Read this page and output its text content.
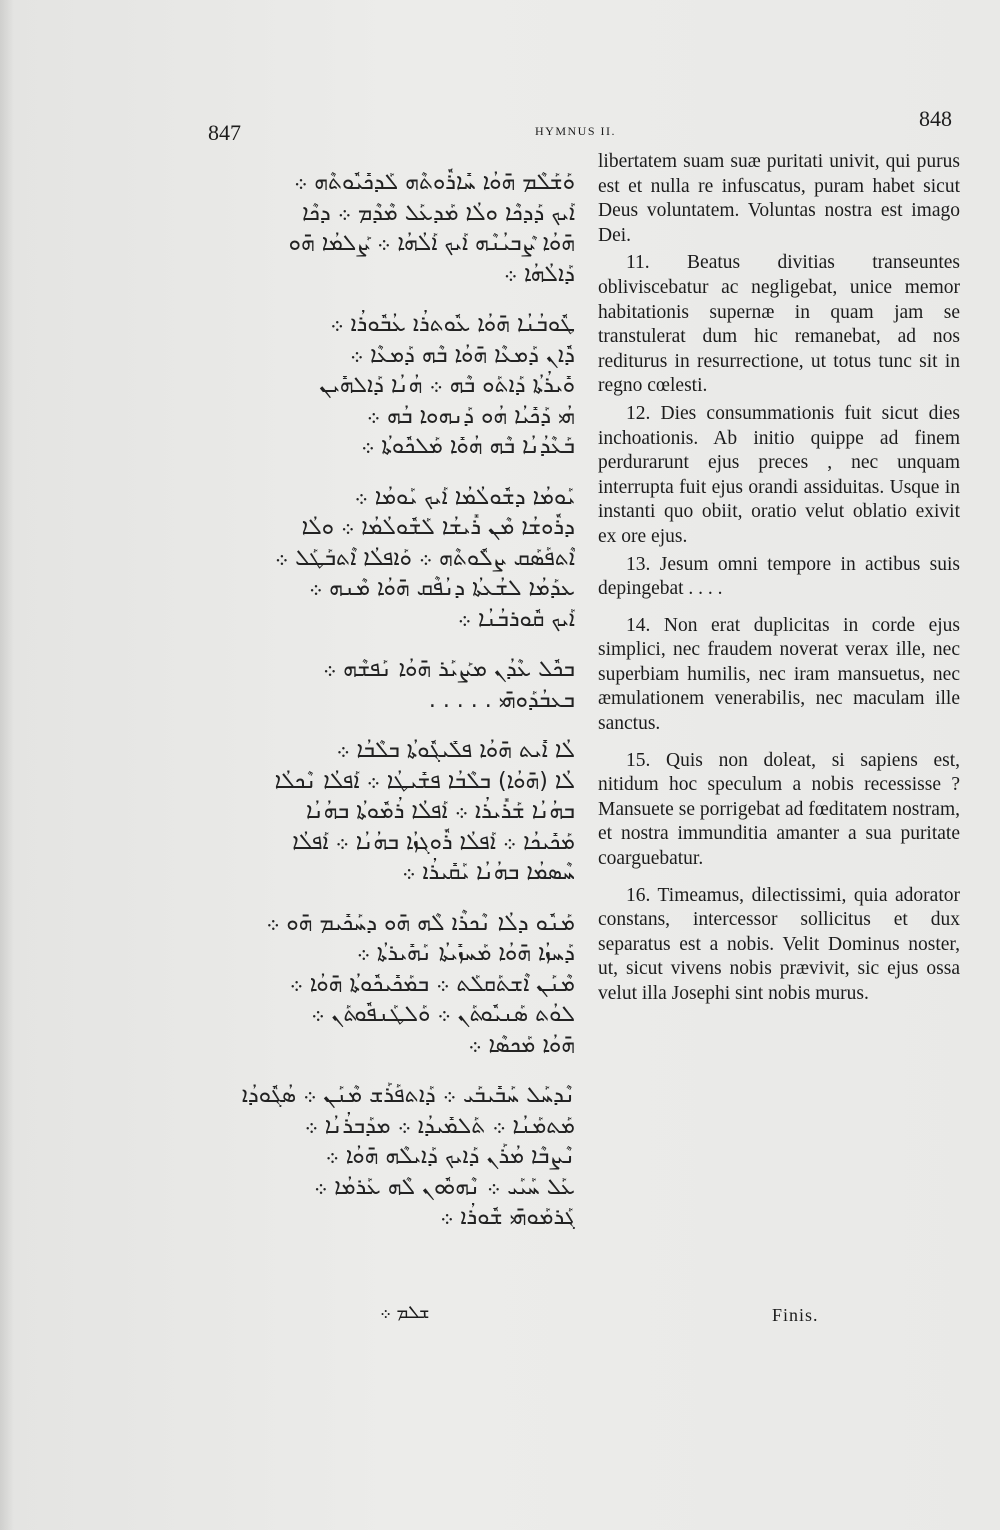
847	HYMNUS II.	848
ܘܰܫܰܠܶܡ ܗ̄ܘܳܐ ܚܺܐܪܽܘܬܶܗ ܠܰܕܟܺܝܽܘܬܶܗ ܀
ܐܰܝܟ ܕܰܕܟܶܐ ܘܠܳܐ ܡܰܕܥܰܠ ܡܶܕܶܡ ܀ ܕܟܶܐ
ܗ̄ܘܳܐ ܨܶܒܝܳܢܶܗ ܐܰܝܟ ܐܰܠܳܗܳܐ ܀ ܨܰܠܡܳܐ ܗ̄ܘ
ܕܰܐܠܳܗܳܐ ܀
ܛܽܘܒܳܢܳܐ ܗ̄ܘܳܐ ܥܽܘܬܪܳܐ ܥܳܒܽܘܪܳܐ ܀
ܕܽܐܢ ܕܰܡܥܶܐ ܗ̄ܘܳܐ ܒܶܗ ܕܰܡܥܶܐ ܀
ܘܺܝܪܳܬܳܐ ܕܰܐܬܰܘ ܒܶܗ ܀ ܗܳܢܳܐ ܕܰܐܠܗܺܝܢ
ܗܳܝ ܕܰܟܺܝܳܐ ܗܳܘ ܕܰܢܗܘܐ ܒܳܗ ܀
ܒܰܥܶܕܳܢܳܐ ܒܶܗ ܗܳܘܺܐ ܡܰܠܟܽܘܬܳܐ ܀
ܝܰܘܡܳܐ ܕܫܽܘܠܳܡܳܐ ܐܰܝܟ ܝܰܘܡܳܐ ܀
ܕܪܽܘܫܳܐ ܡܶܢ ܪܺܝܫܳܐ ܠܰܫܽܘܠܳܡܳܐ ܀ ܘܠܳܐ
ܐܶܬܦܰܣܰܩ ܨܠܽܘܬܶܗ ܀ ܘܰܐܦܠܳܐ ܐܶܬܒܰܛܰܠ ܀
ܥܕܰܡܳܐ ܠܫܳܥܬܳܐ ܕܢܳܦܶܩ ܗ̄ܘܳܐ ܡܶܢܗ ܀
ܐܰܝܟ ܩܽܘܪܒܳܢܳܐ ܀
ܒܟܽܠ ܥܶܕܳܢ ܡܨܰܝܰܪ ܗ̄ܘܳܐ ܢܰܦܫܶܗ ܀
ܒܥܒܳܕܰܘܗ̄ܝ . . . . .
ܠܳܐ ܐܺܝܬ ܗ̄ܘܳܐ ܦܠܺܝܓܽܘܬܳܐ ܒܠܶܒܳܐ ܀
ܠܳܐ (ܗ̄ܘܳܐ) ܒܠܶܒܳܐ ܦܫܺܝܛܳܐ ܀ ܐܰܦܠܳܐ ܢܶܟܠܳܐ
ܒܗܳܢܳܐ ܫܰܪܺܝܪܳܐ ܀ ܐܰܦܠܳܐ ܪܳܡܽܘܬܳܐ ܒܗܳܢܳܐ
ܡܰܟܺܝܟܳܐ ܀ ܐܰܦܠܳܐ ܪܽܘܓܙܳܐ ܒܗܳܢܳܐ ܀ ܐܰܦܠܳܐ
ܚܶܣܡܳܐ ܒܗܳܢܳܐ ܝܰܩܺܝܪܳܐ ܀
ܡܰܢܽܘ ܕܠܳܐ ܢܶܟܪܶܐ ܠܶܗ ܗ̄ܘ ܕܚܰܟܺܝܡ ܗ̄ܘ ܀
ܕܰܚܙܳܐ ܗ̄ܘܳܐ ܡܰܚܙܺܝܬܳܐ ܢܰܗܺܝܪܬܳܐ ܀
ܡܶܢܰܢ ܐܶܫܬܰܩܠܰܬ ܀ ܒܡܰܟܺܝܟܽܘܬܳܐ ܗ̄ܘܳܐ ܀
ܠܘܳܬ ܣܰܢܝܽܘܬܰܢ ܀ ܘܰܠܛܰܢܦܽܘܬܰܢ ܀
ܗ̄ܘܳܐ ܡܰܟܣܶܐ ܀
ܢܶܕܚܰܠ ܚܰܒܺܝܒܰܝ ܀ ܕܰܐܬܦܰܪܰܫ ܡܶܢܰܢ ܀ ܣܳܓܽܘܕܳܐ
ܡܰܬܡܰܢܳܐ ܀ ܬܰܠܡܺܝܕܳܐ ܀ ܡܕܰܒܪܳܢܳܐ ܀
ܢܶܨܒܶܐ ܡܳܪܰܢ ܕܰܐܝܟ ܕܰܐܝܠܶܗ ܗ̄ܘܳܐ ܀
ܥܰܠ ܚܰܝܰܝ ܀ ܢܶܗܘܽܘܢ ܠܶܗ ܥܰܪܡܳܐ ܀
ܓܰܪܡܰܘܗ̄ܝ ܫܽܘܪܳܐ ܀
ܫܠܡ ܀

libertatem suam suæ puritati univit, qui purus est et nulla re infuscatus, puram habet sicut Deus voluntatem. Voluntas nostra est imago Dei.

11. Beatus divitias transeuntes obliviscebatur ac negligebat, unice memor habitationis supernæ in quam jam se transtulerat dum hic remanebat, ad nos rediturus in resurrectione, ut totus tunc sit in regno cœlesti.

12. Dies consummationis fuit sicut dies inchoationis. Ab initio quippe ad finem perdurarunt ejus preces , nec unquam interrupta fuit ejus orandi assiduitas. Usque in instanti quo obiit, oratio velut oblatio exivit ex ore ejus.

13. Jesum omni tempore in actibus suis depingebat . . . .

14. Non erat duplicitas in corde ejus simplici, nec fraudem noverat verax ille, nec superbiam humilis, nec iram mansuetus, nec æmulationem venerabilis, nec maculam ille sanctus.

15. Quis non doleat, si sapiens est, nitidum hoc speculum a nobis recessisse ? Mansuete se porrigebat ad fœditatem nostram, et nostra immunditia amanter a sua puritate coarguebatur.

16. Timeamus, dilectissimi, quia adorator constans, intercessor sollicitus et dux separatus est a nobis. Velit Dominus noster, ut, sicut vivens nobis prævivit, sic ejus ossa velut illa Josephi sint nobis murus.

Finis.
